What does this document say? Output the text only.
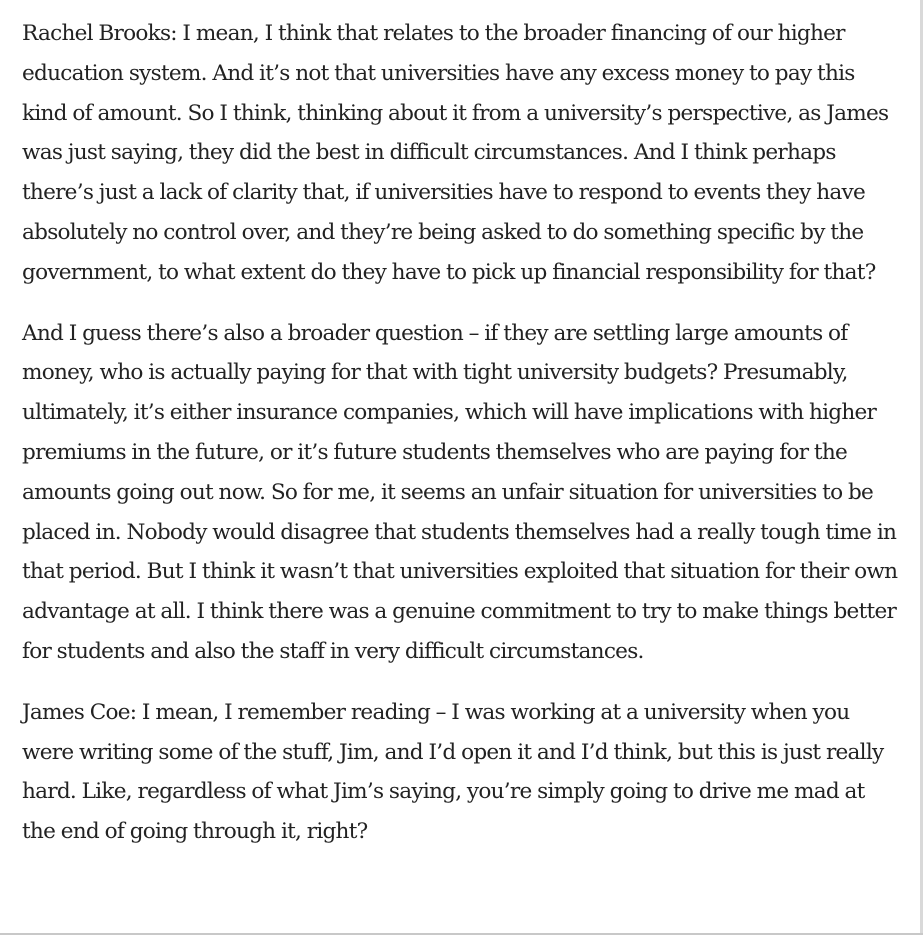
Rachel Brooks: I mean, I think that relates to the broader financing of our higher education system. And it’s not that universities have any excess money to pay this kind of amount. So I think, thinking about it from a university’s perspective, as James was just saying, they did the best in difficult circumstances. And I think perhaps there’s just a lack of clarity that, if universities have to respond to events they have absolutely no control over, and they’re being asked to do something specific by the government, to what extent do they have to pick up financial responsibility for that?

And I guess there’s also a broader question – if they are settling large amounts of money, who is actually paying for that with tight university budgets? Presumably, ultimately, it’s either insurance companies, which will have implications with higher premiums in the future, or it’s future students themselves who are paying for the amounts going out now. So for me, it seems an unfair situation for universities to be placed in. Nobody would disagree that students themselves had a really tough time in that period. But I think it wasn’t that universities exploited that situation for their own advantage at all. I think there was a genuine commitment to try to make things better for students and also the staff in very difficult circumstances.

James Coe: I mean, I remember reading – I was working at a university when you were writing some of the stuff, Jim, and I’d open it and I’d think, but this is just really hard. Like, regardless of what Jim’s saying, you’re simply going to drive me mad at the end of going through it, right?
